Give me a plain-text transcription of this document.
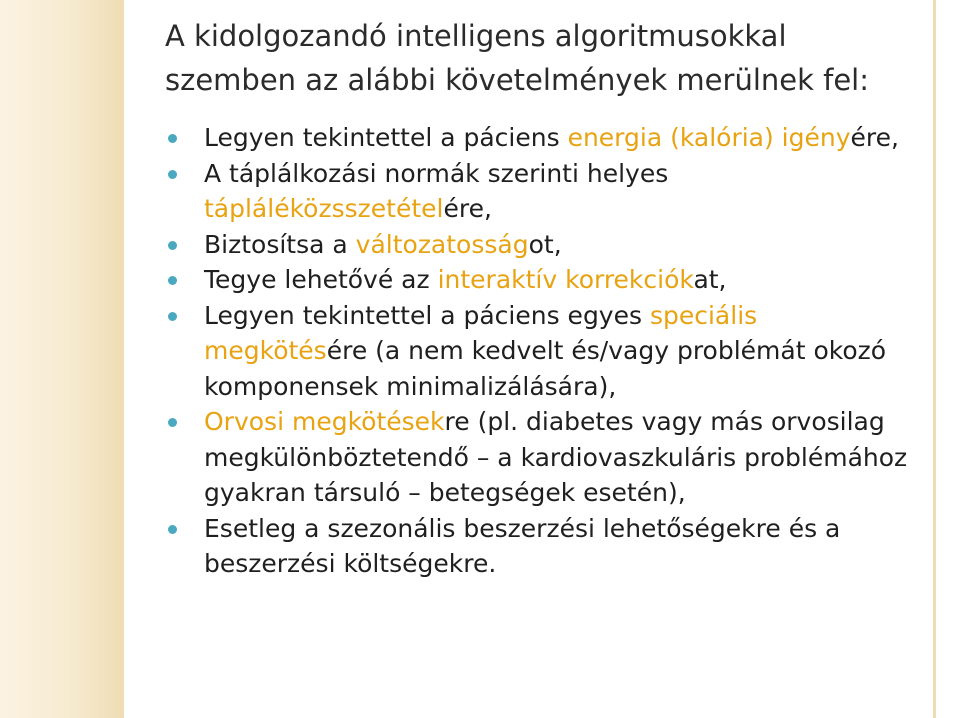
A kidolgozandó intelligens algoritmusokkal
szemben az alábbi követelmények merülnek fel:
Legyen tekintettel a páciens energia (kalória) igényére,
A táplálkozási normák szerinti helyes tápláléközsszetételére,
Biztosítsa a változatosságot,
Tegye lehetővé az interaktív korrekciókat,
Legyen tekintettel a páciens egyes speciális megkötésére (a nem kedvelt és/vagy problémát okozó komponensek minimalizálására),
Orvosi megkötésekre (pl. diabetes vagy más orvosilag megkülönböztetendő – a kardiovaszkuláris problémához gyakran társuló – betegségek esetén),
Esetleg a szezonális beszerzési lehetőségekre és a beszerzési költségekre.
